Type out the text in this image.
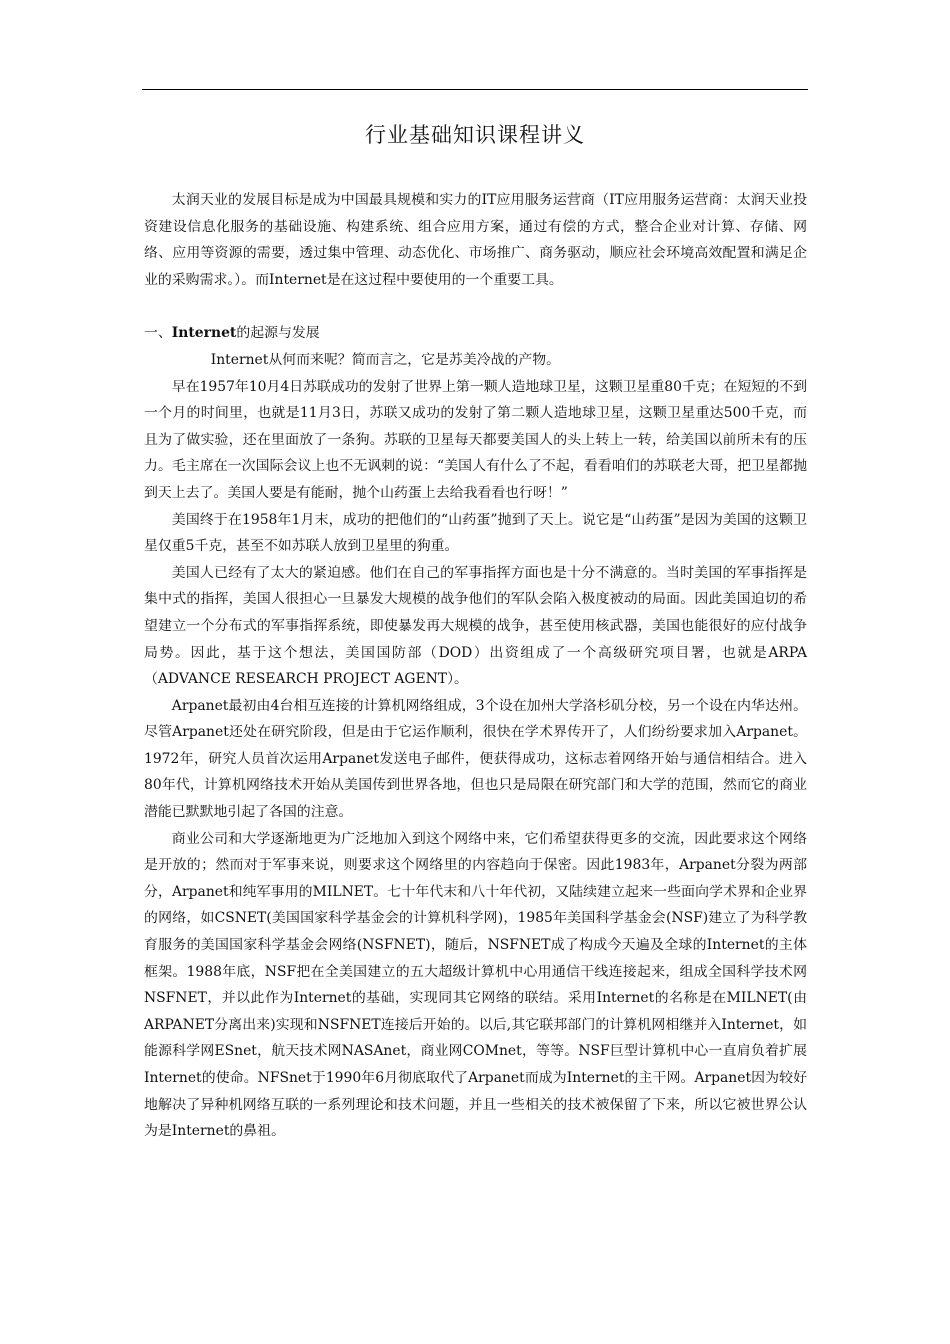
行业基础知识课程讲义

太润天业的发展目标是成为中国最具规模和实力的IT应用服务运营商（IT应用服务运营商：太润天业投资建设信息化服务的基础设施、构建系统、组合应用方案，通过有偿的方式，整合企业对计算、存储、网络、应用等资源的需要，透过集中管理、动态优化、市场推广、商务驱动，顺应社会环境高效配置和满足企业的采购需求。）。而Internet是在这过程中要使用的一个重要工具。

一、Internet的起源与发展

Internet从何而来呢？简而言之，它是苏美冷战的产物。

早在1957年10月4日苏联成功的发射了世界上第一颗人造地球卫星，这颗卫星重80千克；在短短的不到一个月的时间里，也就是11月3日，苏联又成功的发射了第二颗人造地球卫星，这颗卫星重达500千克，而且为了做实验，还在里面放了一条狗。苏联的卫星每天都要美国人的头上转上一转，给美国以前所未有的压力。毛主席在一次国际会议上也不无讽刺的说：“美国人有什么了不起，看看咱们的苏联老大哥，把卫星都抛到天上去了。美国人要是有能耐，抛个山药蛋上去给我看看也行呀！”

美国终于在1958年1月末，成功的把他们的“山药蛋”抛到了天上。说它是“山药蛋”是因为美国的这颗卫星仅重5千克，甚至不如苏联人放到卫星里的狗重。

美国人已经有了太大的紧迫感。他们在自己的军事指挥方面也是十分不满意的。当时美国的军事指挥是集中式的指挥，美国人很担心一旦暴发大规模的战争他们的军队会陷入极度被动的局面。因此美国迫切的希望建立一个分布式的军事指挥系统，即使暴发再大规模的战争，甚至使用核武器，美国也能很好的应付战争局势。因此，基于这个想法，美国国防部（DOD）出资组成了一个高级研究项目署，也就是ARPA（ADVANCE RESEARCH PROJECT AGENT）。

Arpanet最初由4台相互连接的计算机网络组成，3个设在加州大学洛杉矶分校，另一个设在内华达州。尽管Arpanet还处在研究阶段，但是由于它运作顺利，很快在学术界传开了，人们纷纷要求加入Arpanet。1972年，研究人员首次运用Arpanet发送电子邮件，便获得成功，这标志着网络开始与通信相结合。进入80年代，计算机网络技术开始从美国传到世界各地，但也只是局限在研究部门和大学的范围，然而它的商业潜能已默默地引起了各国的注意。

商业公司和大学逐渐地更为广泛地加入到这个网络中来，它们希望获得更多的交流，因此要求这个网络是开放的；然而对于军事来说，则要求这个网络里的内容趋向于保密。因此1983年，Arpanet分裂为两部分，Arpanet和纯军事用的MILNET。七十年代末和八十年代初，又陆续建立起来一些面向学术界和企业界的网络，如CSNET(美国国家科学基金会的计算机科学网)，1985年美国科学基金会(NSF)建立了为科学教育服务的美国国家科学基金会网络(NSFNET)，随后，NSFNET成了构成今天遍及全球的Internet的主体框架。1988年底，NSF把在全美国建立的五大超级计算机中心用通信干线连接起来，组成全国科学技术网NSFNET，并以此作为Internet的基础，实现同其它网络的联结。采用Internet的名称是在MILNET(由ARPANET分离出来)实现和NSFNET连接后开始的。以后,其它联邦部门的计算机网相继并入Internet，如能源科学网ESnet，航天技术网NASAnet，商业网COMnet，等等。NSF巨型计算机中心一直肩负着扩展Internet的使命。NFSnet于1990年6月彻底取代了Arpanet而成为Internet的主干网。Arpanet因为较好地解决了异种机网络互联的一系列理论和技术问题，并且一些相关的技术被保留了下来，所以它被世界公认为是Internet的鼻祖。
